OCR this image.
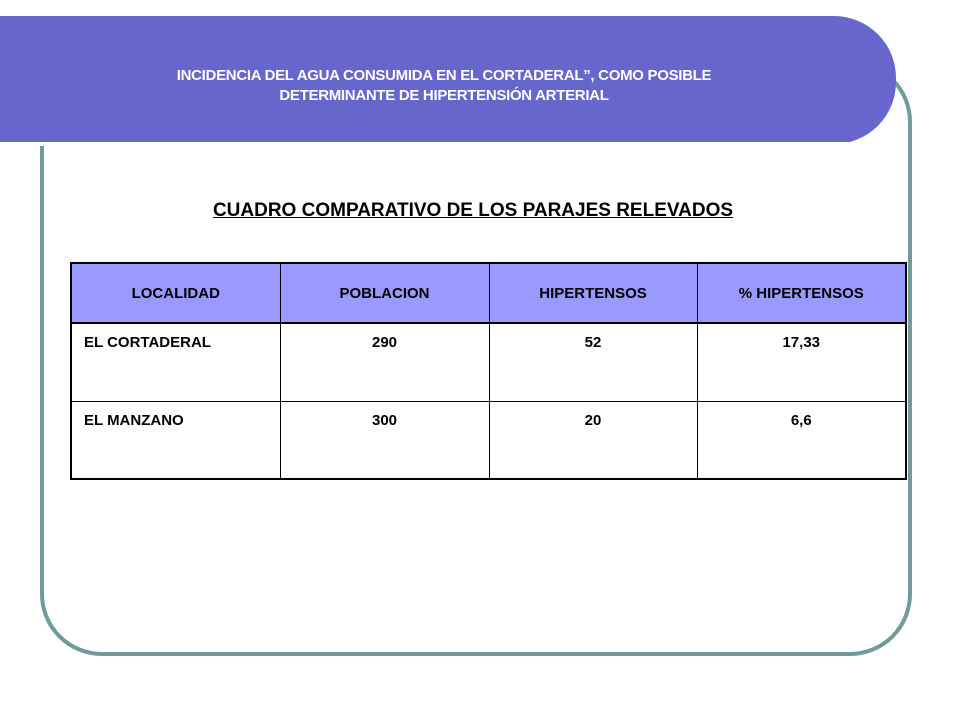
INCIDENCIA DEL AGUA CONSUMIDA EN EL CORTADERAL”, COMO POSIBLE
DETERMINANTE DE HIPERTENSIÓN ARTERIAL
CUADRO COMPARATIVO DE LOS PARAJES RELEVADOS
LOCALIDAD	POBLACION	HIPERTENSOS	% HIPERTENSOS
EL CORTADERAL	290	52	17,33
EL MANZANO	300	20	6,6
